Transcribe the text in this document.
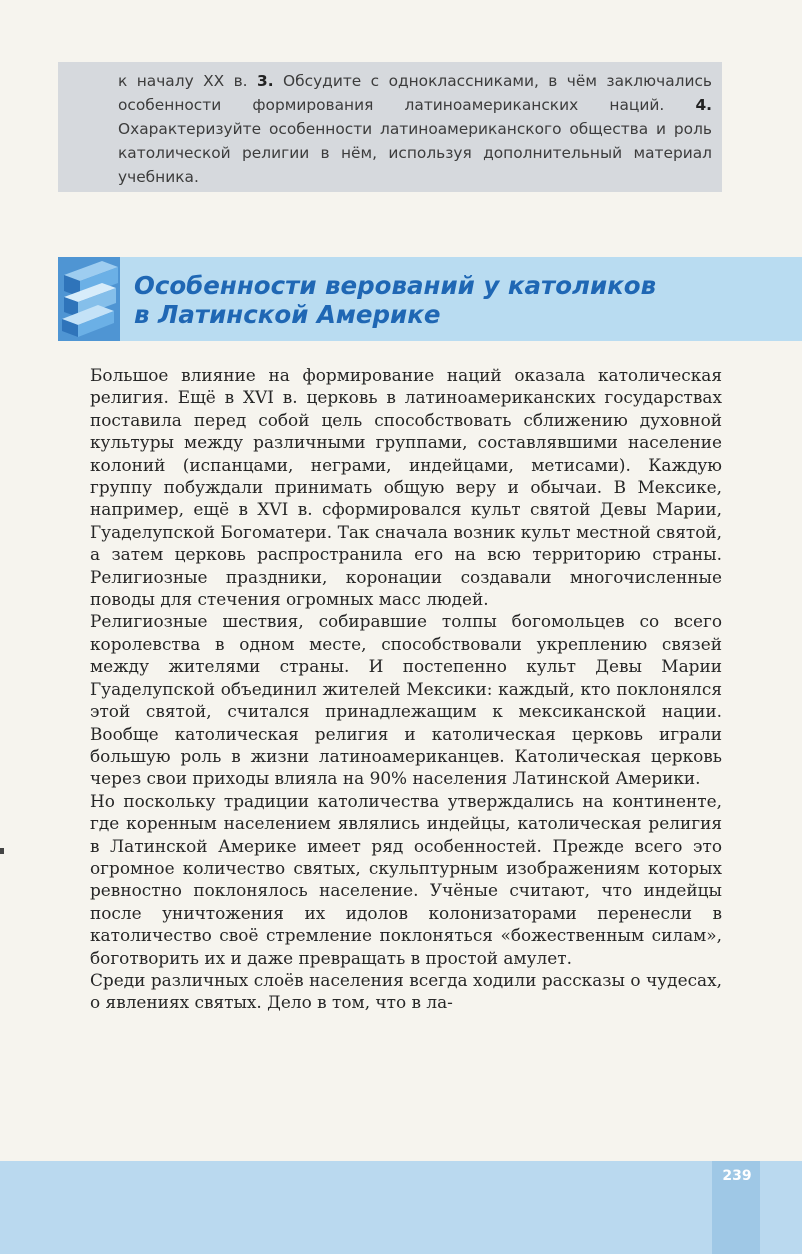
к началу XX в. 3. Обсудите с одноклассниками, в чём заключались особенности формирования латиноамериканских наций. 4. Охарактеризуйте особенности латиноамериканского общества и роль католической религии в нём, используя дополнительный материал учебника.
Особенности верований у католиков
в Латинской Америке

Большое влияние на формирование наций оказала католическая религия. Ещё в XVI в. церковь в латиноамериканских государствах поставила перед собой цель способствовать сближению духовной культуры между различными группами, составлявшими население колоний (испанцами, неграми, индейцами, метисами). Каждую группу побуждали принимать общую веру и обычаи. В Мексике, например, ещё в XVI в. сформировался культ святой Девы Марии, Гуаделупской Богоматери. Так сначала возник культ местной святой, а затем церковь распространила его на всю территорию страны. Религиозные праздники, коронации создавали многочисленные поводы для стечения огромных масс людей.

Религиозные шествия, собиравшие толпы богомольцев со всего королевства в одном месте, способствовали укреплению связей между жителями страны. И постепенно культ Девы Марии Гуаделупской объединил жителей Мексики: каждый, кто поклонялся этой святой, считался принадлежащим к мексиканской нации. Вообще католическая религия и католическая церковь играли большую роль в жизни латиноамериканцев. Католическая церковь через свои приходы влияла на 90% населения Латинской Америки.

Но поскольку традиции католичества утверждались на континенте, где коренным населением являлись индейцы, католическая религия в Латинской Америке имеет ряд особенностей. Прежде всего это огромное количество святых, скульптурным изображениям которых ревностно поклонялось население. Учёные считают, что индейцы после уничтожения их идолов колонизаторами перенесли в католичество своё стремление поклоняться «божественным силам», боготворить их и даже превращать в простой амулет.

Среди различных слоёв населения всегда ходили рассказы о чудесах, о явлениях святых. Дело в том, что в ла-

239
